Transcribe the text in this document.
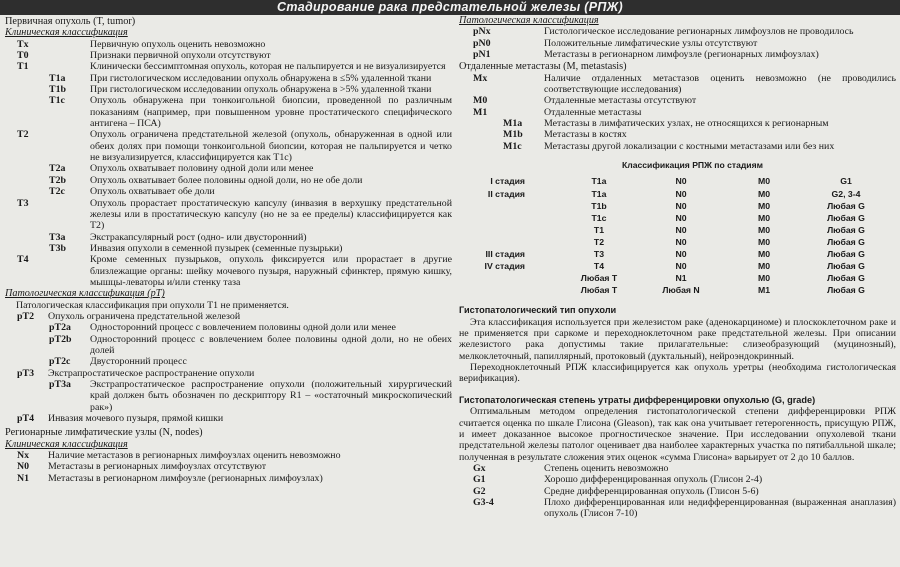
Стадирование рака предстательной железы (РПЖ)
Первичная опухоль (T, tumor)
Клиническая классификация
Tx	Первичную опухоль оценить невозможно
T0	Признаки первичной опухоли отсутствуют
T1	Клинически бессимптомная опухоль, которая не пальпируется и не визуализируется
T1a	При гистологическом исследовании опухоль обнаружена в ≤5% удаленной ткани
T1b	При гистологическом исследовании опухоль обнаружена в >5% удаленной ткани
T1c	Опухоль обнаружена при тонкоигольной биопсии, проведенной по различным показаниям (например, при повышенном уровне простатического специфического антигена – ПСА)
T2	Опухоль ограничена предстательной железой (опухоль, обнаруженная в одной или обеих долях при помощи тонкоигольной биопсии, которая не пальпируется и четко не визуализируется, классифицируется как T1c)
T2a	Опухоль охватывает половину одной доли или менее
T2b	Опухоль охватывает более половины одной доли, но не обе доли
T2c	Опухоль охватывает обе доли
T3	Опухоль прорастает простатическую капсулу (инвазия в верхушку предстательной железы или в простатическую капсулу (но не за ее пределы) классифицируется как T2)
T3a	Экстракапсулярный рост (одно- или двусторонний)
T3b	Инвазия опухоли в семенной пузырек (семенные пузырьки)
T4	Кроме семенных пузырьков, опухоль фиксируется или прорастает в другие близлежащие органы: шейку мочевого пузыря, наружный сфинктер, прямую кишку, мышцы-леваторы и/или стенку таза
Патологическая классификация (pT)
Патологическая классификация при опухоли T1 не применяется.
pT2	Опухоль ограничена предстательной железой
pT2a	Односторонний процесс с вовлечением половины одной доли или менее
pT2b	Односторонний процесс с вовлечением более половины одной доли, но не обеих долей
pT2c	Двусторонний процесс
pT3	Экстрапростатическое распространение опухоли
pT3a	Экстрапростатическое распространение опухоли (положительный хирургический край должен быть обозначен по дескриптору R1 – «остаточный микроскопический рак»)
pT4	Инвазия мочевого пузыря, прямой кишки
Регионарные лимфатические узлы (N, nodes)
Клиническая классификация
Nx	Наличие метастазов в регионарных лимфоузлах оценить невозможно
N0	Метастазы в регионарных лимфоузлах отсутствуют
N1	Метастазы в регионарном лимфоузле (регионарных лимфоузлах)
Патологическая классификация
pNx	Гистологическое исследование регионарных лимфоузлов не проводилось
pN0	Положительные лимфатические узлы отсутствуют
pN1	Метастазы в регионарном лимфоузле (регионарных лимфоузлах)
Отдаленные метастазы (M, metastasis)
Mx	Наличие отдаленных метастазов оценить невозможно (не проводились соответствующие исследования)
M0	Отдаленные метастазы отсутствуют
M1	Отдаленные метастазы
M1a	Метастазы в лимфатических узлах, не относящихся к регионарным
M1b	Метастазы в костях
M1c	Метастазы другой локализации с костными метастазами или без них
Классификация РПЖ по стадиям
I стадия	T1a	N0	M0	G1
II стадия	T1a	N0	M0	G2, 3-4
T1b	N0	M0	Любая G
T1c	N0	M0	Любая G
T1	N0	M0	Любая G
T2	N0	M0	Любая G
III стадия	T3	N0	M0	Любая G
IV стадия	T4	N0	M0	Любая G
Любая T	N1	M0	Любая G
Любая T	Любая N	M1	Любая G
Гистопатологический тип опухоли
Эта классификация используется при железистом раке (аденокарциноме) и плоскоклеточном раке и не применяется при саркоме и переходноклеточном раке предстательной железы. При описании железистого рака допустимы такие прилагательные: слизеобразующий (муцинозный), мелкоклеточный, папиллярный, протоковый (дуктальный), нейроэндокринный.
Переходноклеточный РПЖ классифицируется как опухоль уретры (необходима гистологическая верификация).
Гистопатологическая степень утраты дифференцировки опухолью (G, grade)
Оптимальным методом определения гистопатологической степени дифференцировки РПЖ считается оценка по шкале Глисона (Gleason), так как она учитывает гетерогенность, присущую РПЖ, и имеет доказанное высокое прогностическое значение. При исследовании опухолевой ткани предстательной железы патолог оценивает два наиболее характерных участка по пятибалльной шкале; полученная в результате сложения этих оценок «сумма Глисона» варьирует от 2 до 10 баллов.
Gx	Степень оценить невозможно
G1	Хорошо дифференцированная опухоль (Глисон 2-4)
G2	Средне дифференцированная опухоль (Глисон 5-6)
G3-4	Плохо дифференцированная или недифференцированная (выраженная анаплазия) опухоль (Глисон 7-10)
